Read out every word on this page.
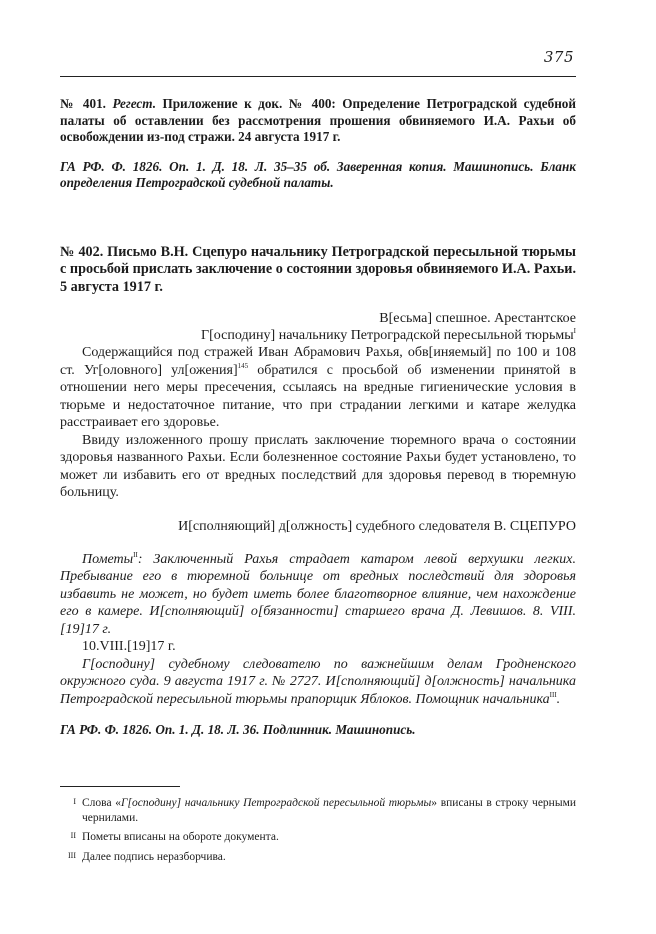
375
№ 401. Регест. Приложение к док. № 400: Определение Петроградской судебной палаты об оставлении без рассмотрения прошения обвиняемого И.А. Рахьи об освобождении из-под стражи. 24 августа 1917 г.
ГА РФ. Ф. 1826. Оп. 1. Д. 18. Л. 35–35 об. Заверенная копия. Машинопись. Бланк определения Петроградской судебной палаты.
№ 402. Письмо В.Н. Сцепуро начальнику Петроградской пересыльной тюрьмы с просьбой прислать заключение о состоянии здоровья обвиняемого И.А. Рахьи. 5 августа 1917 г.
В[есьма] спешное. Арестантское
Г[осподину] начальнику Петроградской пересыльной тюрьмы$^I$

Содержащийся под стражей Иван Абрамович Рахья, обв[иняемый] по 100 и 108 ст. Уг[оловного] ул[ожения]$^{145}$ обратился с просьбой об изменении принятой в отношении него меры пресечения, ссылаясь на вредные гигиенические условия в тюрьме и недостаточное питание, что при страдании легкими и катаре желудка расстраивает его здоровье.

Ввиду изложенного прошу прислать заключение тюремного врача о состоянии здоровья названного Рахьи. Если болезненное состояние Рахьи будет установлено, то может ли избавить его от вредных последствий для здоровья перевод в тюремную больницу.

И[сполняющий] д[олжность] судебного следователя В. СЦЕПУРО

Пометы$^{II}$: Заключенный Рахья страдает катаром левой верхушки легких. Пребывание его в тюремной больнице от вредных последствий для здоровья избавить не может, но будет иметь более благотворное влияние, чем нахождение его в камере. И[сполняющий] о[бязанности] старшего врача Д. Левишов. 8. VIII. [19]17 г.

10.VIII.[19]17 г.

Г[осподину] судебному следователю по важнейшим делам Гродненского окружного суда. 9 августа 1917 г. № 2727. И[сполняющий] д[олжность] начальника Петроградской пересыльной тюрьмы прапорщик Яблоков. Помощник начальника$^{III}$.

ГА РФ. Ф. 1826. Оп. 1. Д. 18. Л. 36. Подлинник. Машинопись.
I Слова «Г[осподину] начальнику Петроградской пересыльной тюрьмы» вписаны в строку черными чернилами.
II Пометы вписаны на обороте документа.
III Далее подпись неразборчива.
